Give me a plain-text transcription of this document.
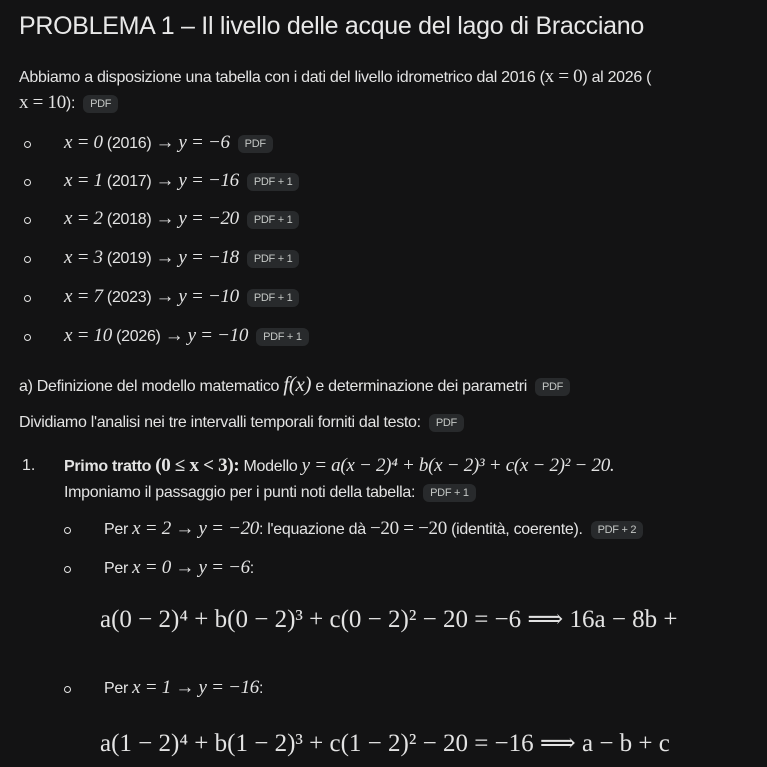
PROBLEMA 1 – Il livello delle acque del lago di Bracciano
Abbiamo a disposizione una tabella con i dati del livello idrometrico dal 2016 (x = 0) al 2026 (
x = 10): PDF
x = 0 (2016) → y = −6 PDF
x = 1 (2017) → y = −16 PDF + 1
x = 2 (2018) → y = −20 PDF + 1
x = 3 (2019) → y = −18 PDF + 1
x = 7 (2023) → y = −10 PDF + 1
x = 10 (2026) → y = −10 PDF + 1
a) Definizione del modello matematico f(x) e determinazione dei parametri PDF
Dividiamo l'analisi nei tre intervalli temporali forniti dal testo: PDF
1. Primo tratto (0 ≤ x < 3): Modello y = a(x − 2)⁴ + b(x − 2)³ + c(x − 2)² − 20.
Imponiamo il passaggio per i punti noti della tabella: PDF + 1
Per x = 2 → y = −20: l'equazione dà −20 = −20 (identità, coerente). PDF + 2
Per x = 0 → y = −6:
a(0 − 2)⁴ + b(0 − 2)³ + c(0 − 2)² − 20 = −6 ⟹ 16a − 8b +
Per x = 1 → y = −16:
a(1 − 2)⁴ + b(1 − 2)³ + c(1 − 2)² − 20 = −16 ⟹ a − b + c
